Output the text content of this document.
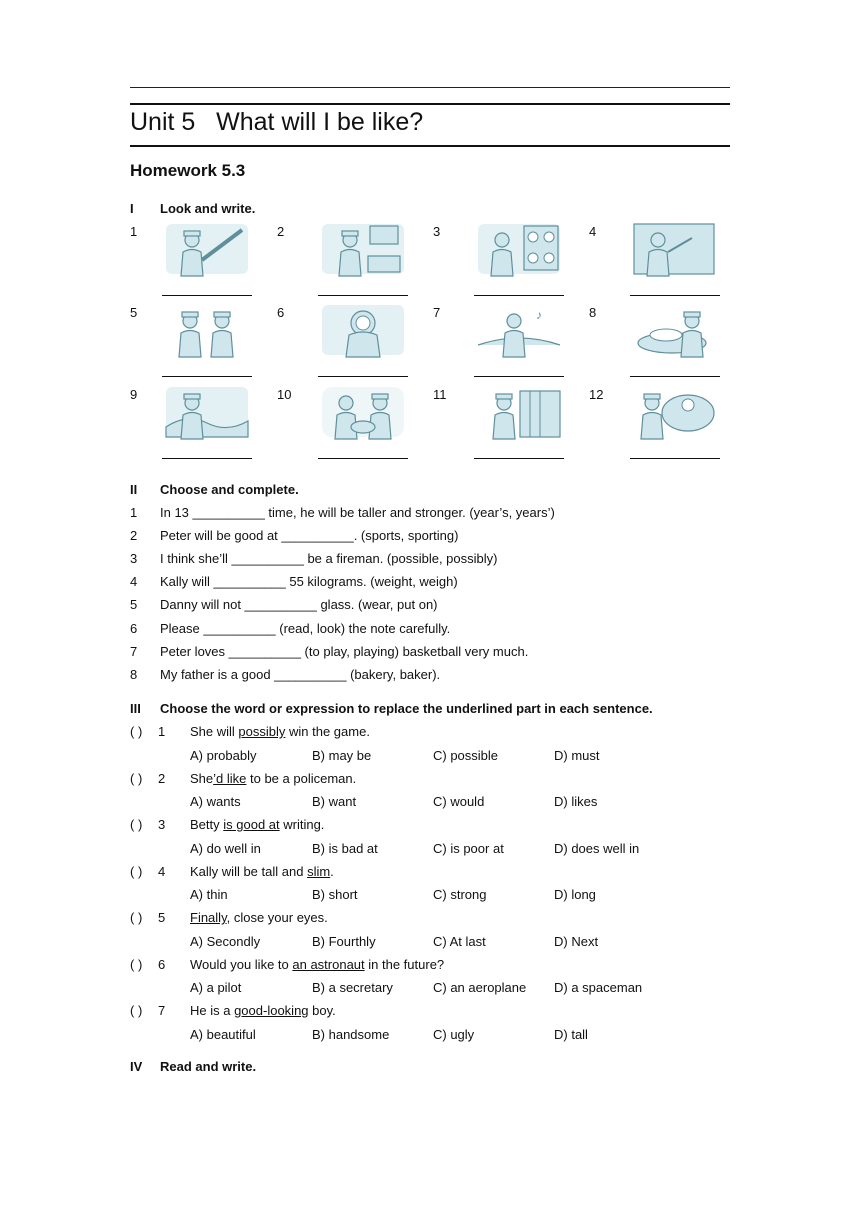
Unit 5   What will I be like?
Homework 5.3
I Look and write.
1	2	3	4
5	6	7	♪	8
9	10	11	12
II Choose and complete.
1 In 13 __________ time, he will be taller and stronger. (year’s, years’)
2 Peter will be good at __________. (sports, sporting)
3 I think she’ll __________ be a fireman. (possible, possibly)
4 Kally will __________ 55 kilograms. (weight, weigh)
5 Danny will not __________ glass. (wear, put on)
6 Please __________ (read, look) the note carefully.
7 Peter loves __________ (to play, playing) basketball very much.
8 My father is a good __________ (bakery, baker).
III Choose the word or expression to replace the underlined part in each sentence.
( ) 1 She will possibly win the game.
A) probably	B) may be	C) possible	D) must
( ) 2 She’d like to be a policeman.
A) wants	B) want	C) would	D) likes
( ) 3 Betty is good at writing.
A) do well in	B) is bad at	C) is poor at	D) does well in
( ) 4 Kally will be tall and slim.
A) thin	B) short	C) strong	D) long
( ) 5 Finally, close your eyes.
A) Secondly	B) Fourthly	C) At last	D) Next
( ) 6 Would you like to an astronaut in the future?
A) a pilot	B) a secretary	C) an aeroplane D) a spaceman
( ) 7 He is a good-looking boy.
A) beautiful	B) handsome	C) ugly	D) tall
IV Read and write.
